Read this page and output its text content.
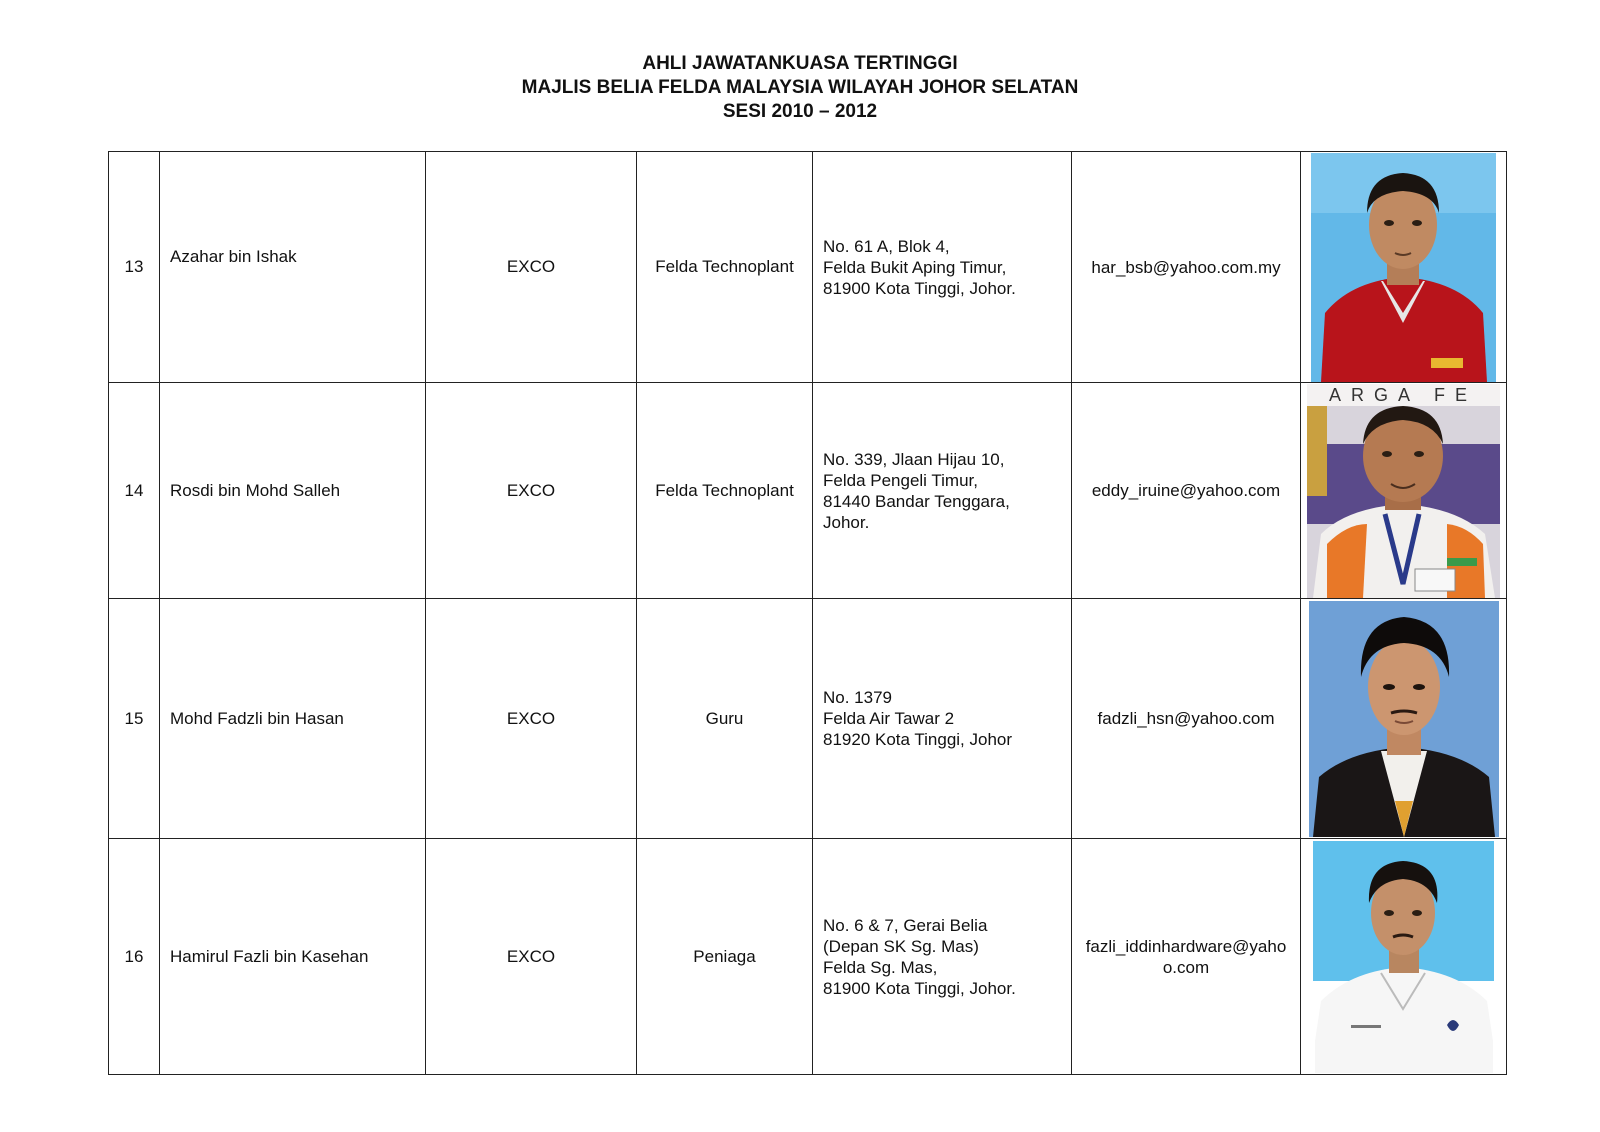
AHLI JAWATANKUASA TERTINGGI
MAJLIS BELIA FELDA MALAYSIA WILAYAH JOHOR SELATAN
SESI 2010 – 2012
13	Azahar bin Ishak	EXCO	Felda Technoplant	No. 61 A, Blok 4,
Felda Bukit Aping Timur,
81900 Kota Tinggi, Johor.	har_bsb@yahoo.com.my	

14	Rosdi bin Mohd Salleh	EXCO	Felda Technoplant	No. 339, Jlaan Hijau 10,
Felda Pengeli Timur,
81440 Bandar Tenggara,
Johor.	eddy_iruine@yahoo.com	ARGA FE

15	Mohd Fadzli bin Hasan	EXCO	Guru	No. 1379
Felda Air Tawar 2
81920 Kota Tinggi, Johor	fadzli_hsn@yahoo.com	

16	Hamirul Fazli bin Kasehan	EXCO	Peniaga	No. 6 & 7, Gerai Belia
(Depan SK Sg. Mas)
Felda Sg. Mas,
81900 Kota Tinggi, Johor.	fazli_iddinhardware@yahoo.com	
